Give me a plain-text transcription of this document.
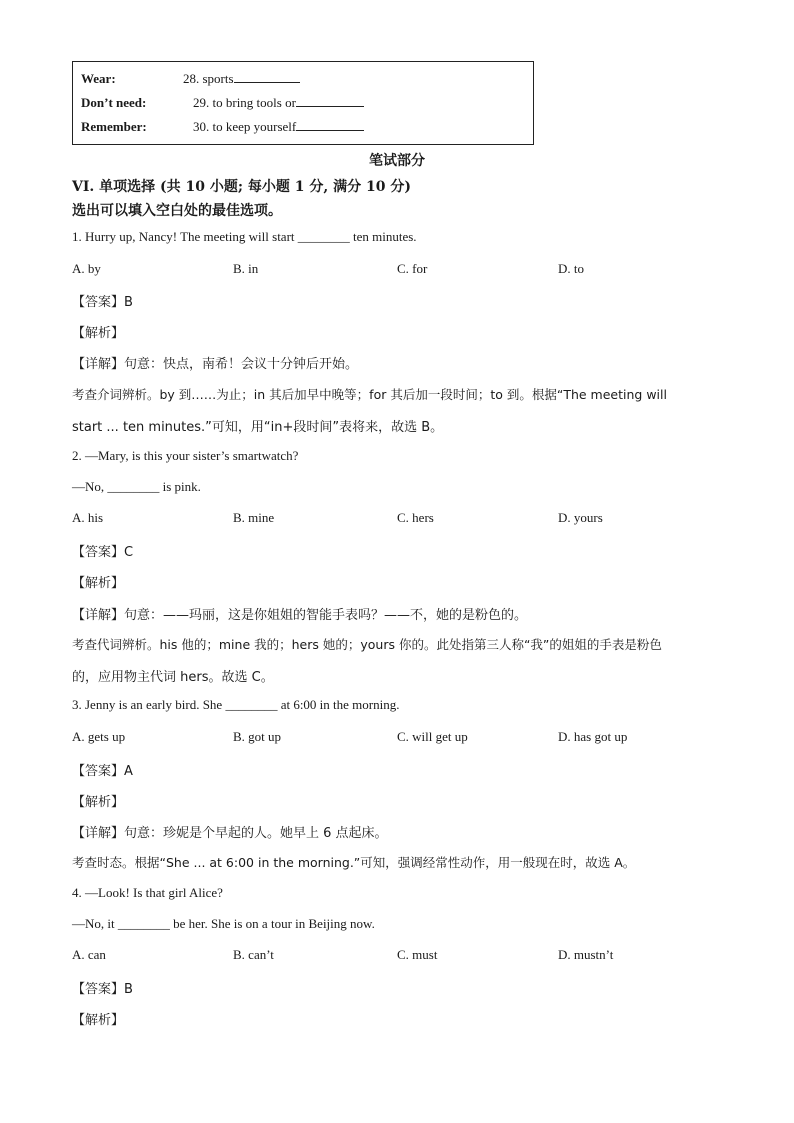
Wear:	28. sports
Don’t need:	29. to bring tools or
Remember:	30. to keep yourself
笔试部分
VI. 单项选择 (共 10 小题; 每小题 1 分, 满分 10 分)
选出可以填入空白处的最佳选项。
1. Hurry up, Nancy! The meeting will start ________ ten minutes.
A. by	B. in	C. for	D. to
【答案】B
【解析】
【详解】句意：快点，南希！会议十分钟后开始。
考查介词辨析。by 到……为止；in 其后加早中晚等；for 其后加一段时间；to 到。根据“The meeting will
start ... ten minutes.”可知，用“in+段时间”表将来，故选 B。
2. —Mary, is this your sister’s smartwatch?
—No, ________ is pink.
A. his	B. mine	C. hers	D. yours
【答案】C
【解析】
【详解】句意：——玛丽，这是你姐姐的智能手表吗？——不，她的是粉色的。
考查代词辨析。his 他的；mine 我的；hers 她的；yours 你的。此处指第三人称“我”的姐姐的手表是粉色
的，应用物主代词 hers。故选 C。
3. Jenny is an early bird. She ________ at 6:00 in the morning.
A. gets up	B. got up	C. will get up	D. has got up
【答案】A
【解析】
【详解】句意：珍妮是个早起的人。她早上 6 点起床。
考查时态。根据“She ... at 6:00 in the morning.”可知，强调经常性动作，用一般现在时，故选 A。
4. —Look! Is that girl Alice?
—No, it ________ be her. She is on a tour in Beijing now.
A. can	B. can’t	C. must	D. mustn’t
【答案】B
【解析】
